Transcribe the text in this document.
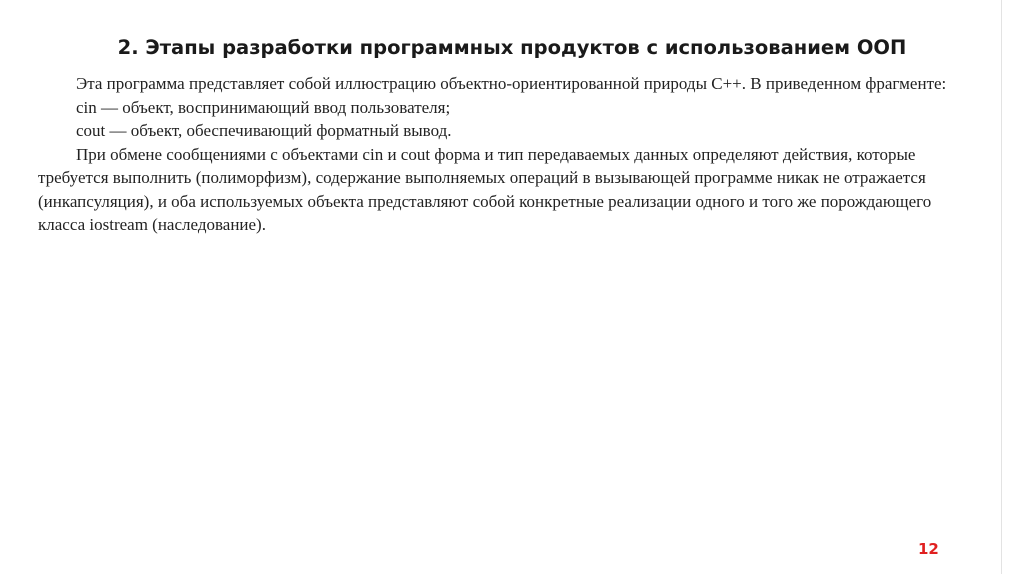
2. Этапы разработки программных продуктов с использованием ООП

Эта программа представляет собой иллюстрацию объектно-ориентированной природы C++. В приведенном фрагменте:

cin — объект, воспринимающий ввод пользователя;

cout — объект, обеспечивающий форматный вывод.

При обмене сообщениями с объектами cin и cout форма и тип передаваемых данных определяют действия, которые требуется выполнить (полиморфизм), содержание выполняемых операций в вызывающей программе никак не отражается (инкапсуляция), и оба используемых объекта представляют собой конкретные реализации одного и того же порождающего класса iostream (наследование).

12
